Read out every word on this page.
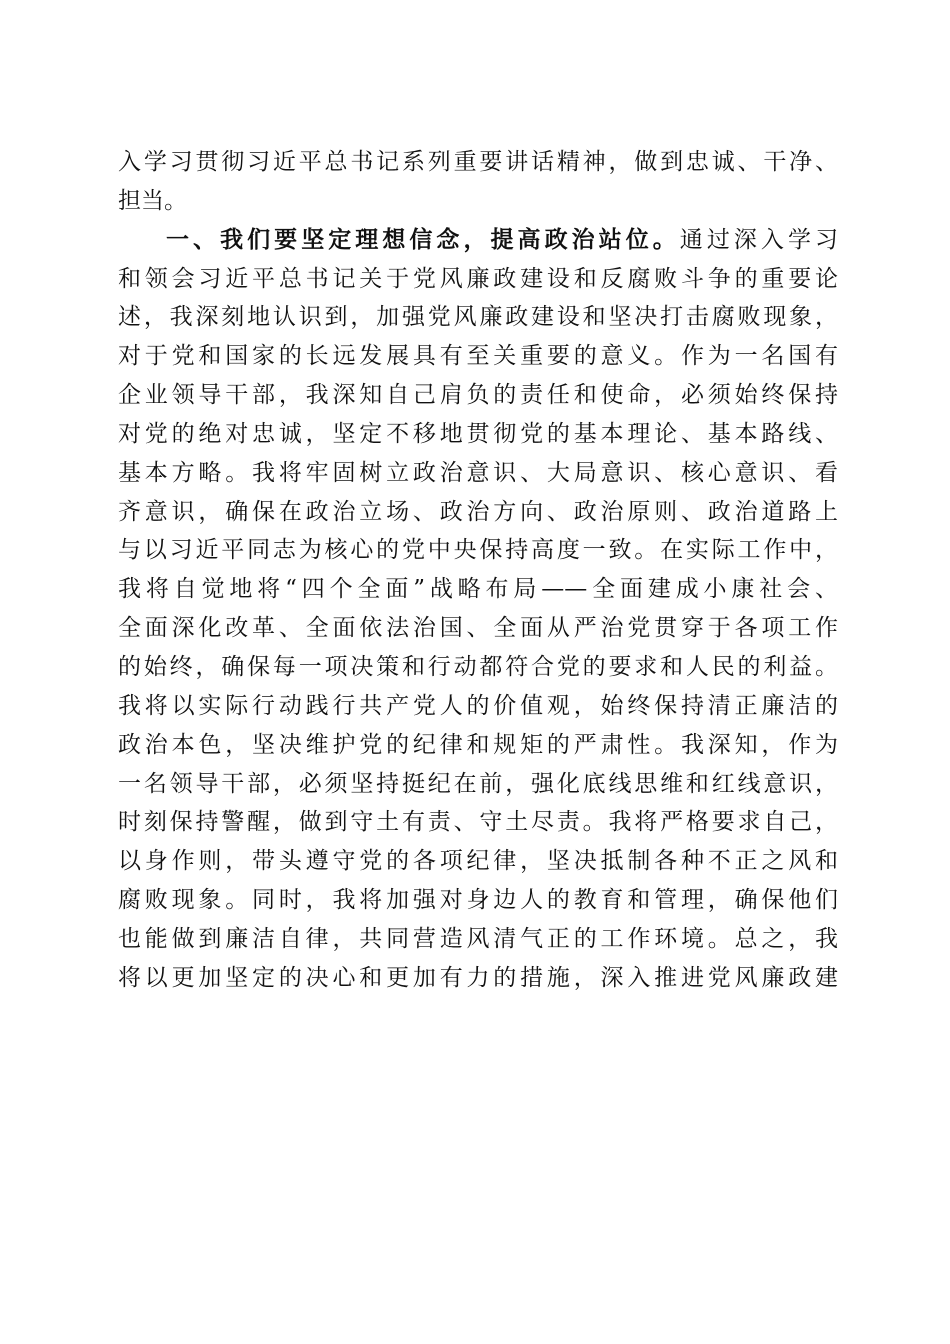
入学习贯彻习近平总书记系列重要讲话精神，做到忠诚、干净、
担当。
一、我们要坚定理想信念，提高政治站位。通过深入学习
和领会习近平总书记关于党风廉政建设和反腐败斗争的重要论
述，我深刻地认识到，加强党风廉政建设和坚决打击腐败现象，
对于党和国家的长远发展具有至关重要的意义。作为一名国有
企业领导干部，我深知自己肩负的责任和使命，必须始终保持
对党的绝对忠诚，坚定不移地贯彻党的基本理论、基本路线、
基本方略。我将牢固树立政治意识、大局意识、核心意识、看
齐意识，确保在政治立场、政治方向、政治原则、政治道路上
与以习近平同志为核心的党中央保持高度一致。在实际工作中，
我将自觉地将“四个全面”战略布局——全面建成小康社会、
全面深化改革、全面依法治国、全面从严治党贯穿于各项工作
的始终，确保每一项决策和行动都符合党的要求和人民的利益。
我将以实际行动践行共产党人的价值观，始终保持清正廉洁的
政治本色，坚决维护党的纪律和规矩的严肃性。我深知，作为
一名领导干部，必须坚持挺纪在前，强化底线思维和红线意识，
时刻保持警醒，做到守土有责、守土尽责。我将严格要求自己，
以身作则，带头遵守党的各项纪律，坚决抵制各种不正之风和
腐败现象。同时，我将加强对身边人的教育和管理，确保他们
也能做到廉洁自律，共同营造风清气正的工作环境。总之，我
将以更加坚定的决心和更加有力的措施，深入推进党风廉政建
